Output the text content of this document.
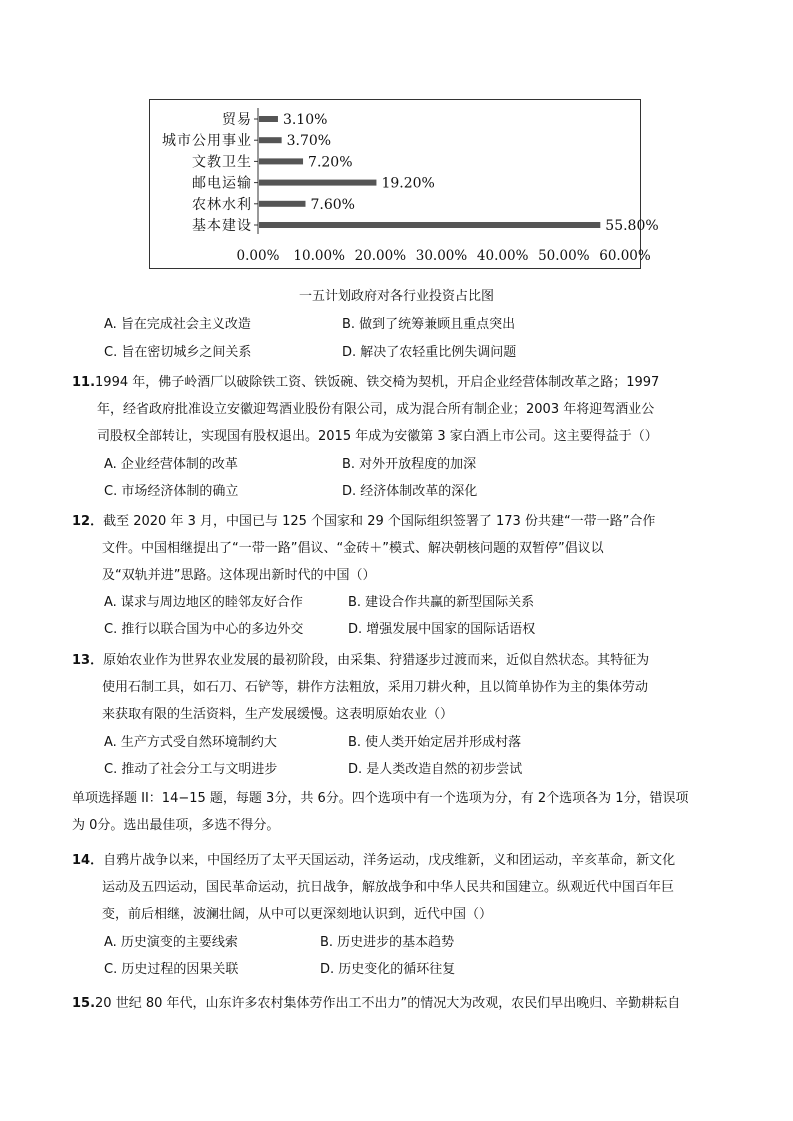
贸易 3.10%
城市公用事业 3.70%
文教卫生	7.20%
邮电运输	19.20%
农林水利	7.60%
基本建设	55.80%
0.00% 10.00% 20.00% 30.00% 40.00% 50.00% 60.00%
一五计划政府对各行业投资占比图
A. 旨在完成社会主义改造	B. 做到了统筹兼顾且重点突出
C. 旨在密切城乡之间关系	D. 解决了农轻重比例失调问题
11.1994 年，佛子岭酒厂以破除铁工资、铁饭碗、铁交椅为契机，开启企业经营体制改革之路；1997
年，经省政府批准设立安徽迎驾酒业股份有限公司，成为混合所有制企业；2003 年将迎驾酒业公
司股权全部转让，实现国有股权退出。2015 年成为安徽第 3 家白酒上市公司。这主要得益于（）
A. 企业经营体制的改革	B. 对外开放程度的加深
C. 市场经济体制的确立	D. 经济体制改革的深化
12．截至 2020 年 3 月，中国已与 125 个国家和 29 个国际组织签署了 173 份共建“一带一路”合作
文件。中国相继提出了“一带一路”倡议、“金砖＋”模式、解决朝核问题的双暂停”倡议以
及“双轨并进”思路。这体现出新时代的中国（）
A. 谋求与周边地区的睦邻友好合作	B. 建设合作共赢的新型国际关系
C. 推行以联合国为中心的多边外交	D. 增强发展中国家的国际话语权
13．原始农业作为世界农业发展的最初阶段，由采集、狩猎逐步过渡而来，近似自然状态。其特征为
使用石制工具，如石刀、石铲等，耕作方法粗放，采用刀耕火种，且以简单协作为主的集体劳动
来获取有限的生活资料，生产发展缓慢。这表明原始农业（）
A. 生产方式受自然环境制约大	B. 使人类开始定居并形成村落
C. 推动了社会分工与文明进步	D. 是人类改造自然的初步尝试
单项选择题 II：14−15 题，每题 3分，共 6分。四个选项中有一个选项为分，有 2个选项各为 1分，错误项
为 0分。选出最佳项，多选不得分。
14．自鸦片战争以来，中国经历了太平天国运动，洋务运动，戊戌维新，义和团运动，辛亥革命，新文化
运动及五四运动，国民革命运动，抗日战争，解放战争和中华人民共和国建立。纵观近代中国百年巨
变，前后相继，波澜壮阔，从中可以更深刻地认识到，近代中国（）
A. 历史演变的主要线索	B. 历史进步的基本趋势
C. 历史过程的因果关联	D. 历史变化的循环往复
15.20 世纪 80 年代，山东许多农村集体劳作出工不出力”的情况大为改观，农民们早出晚归、辛勤耕耘自
